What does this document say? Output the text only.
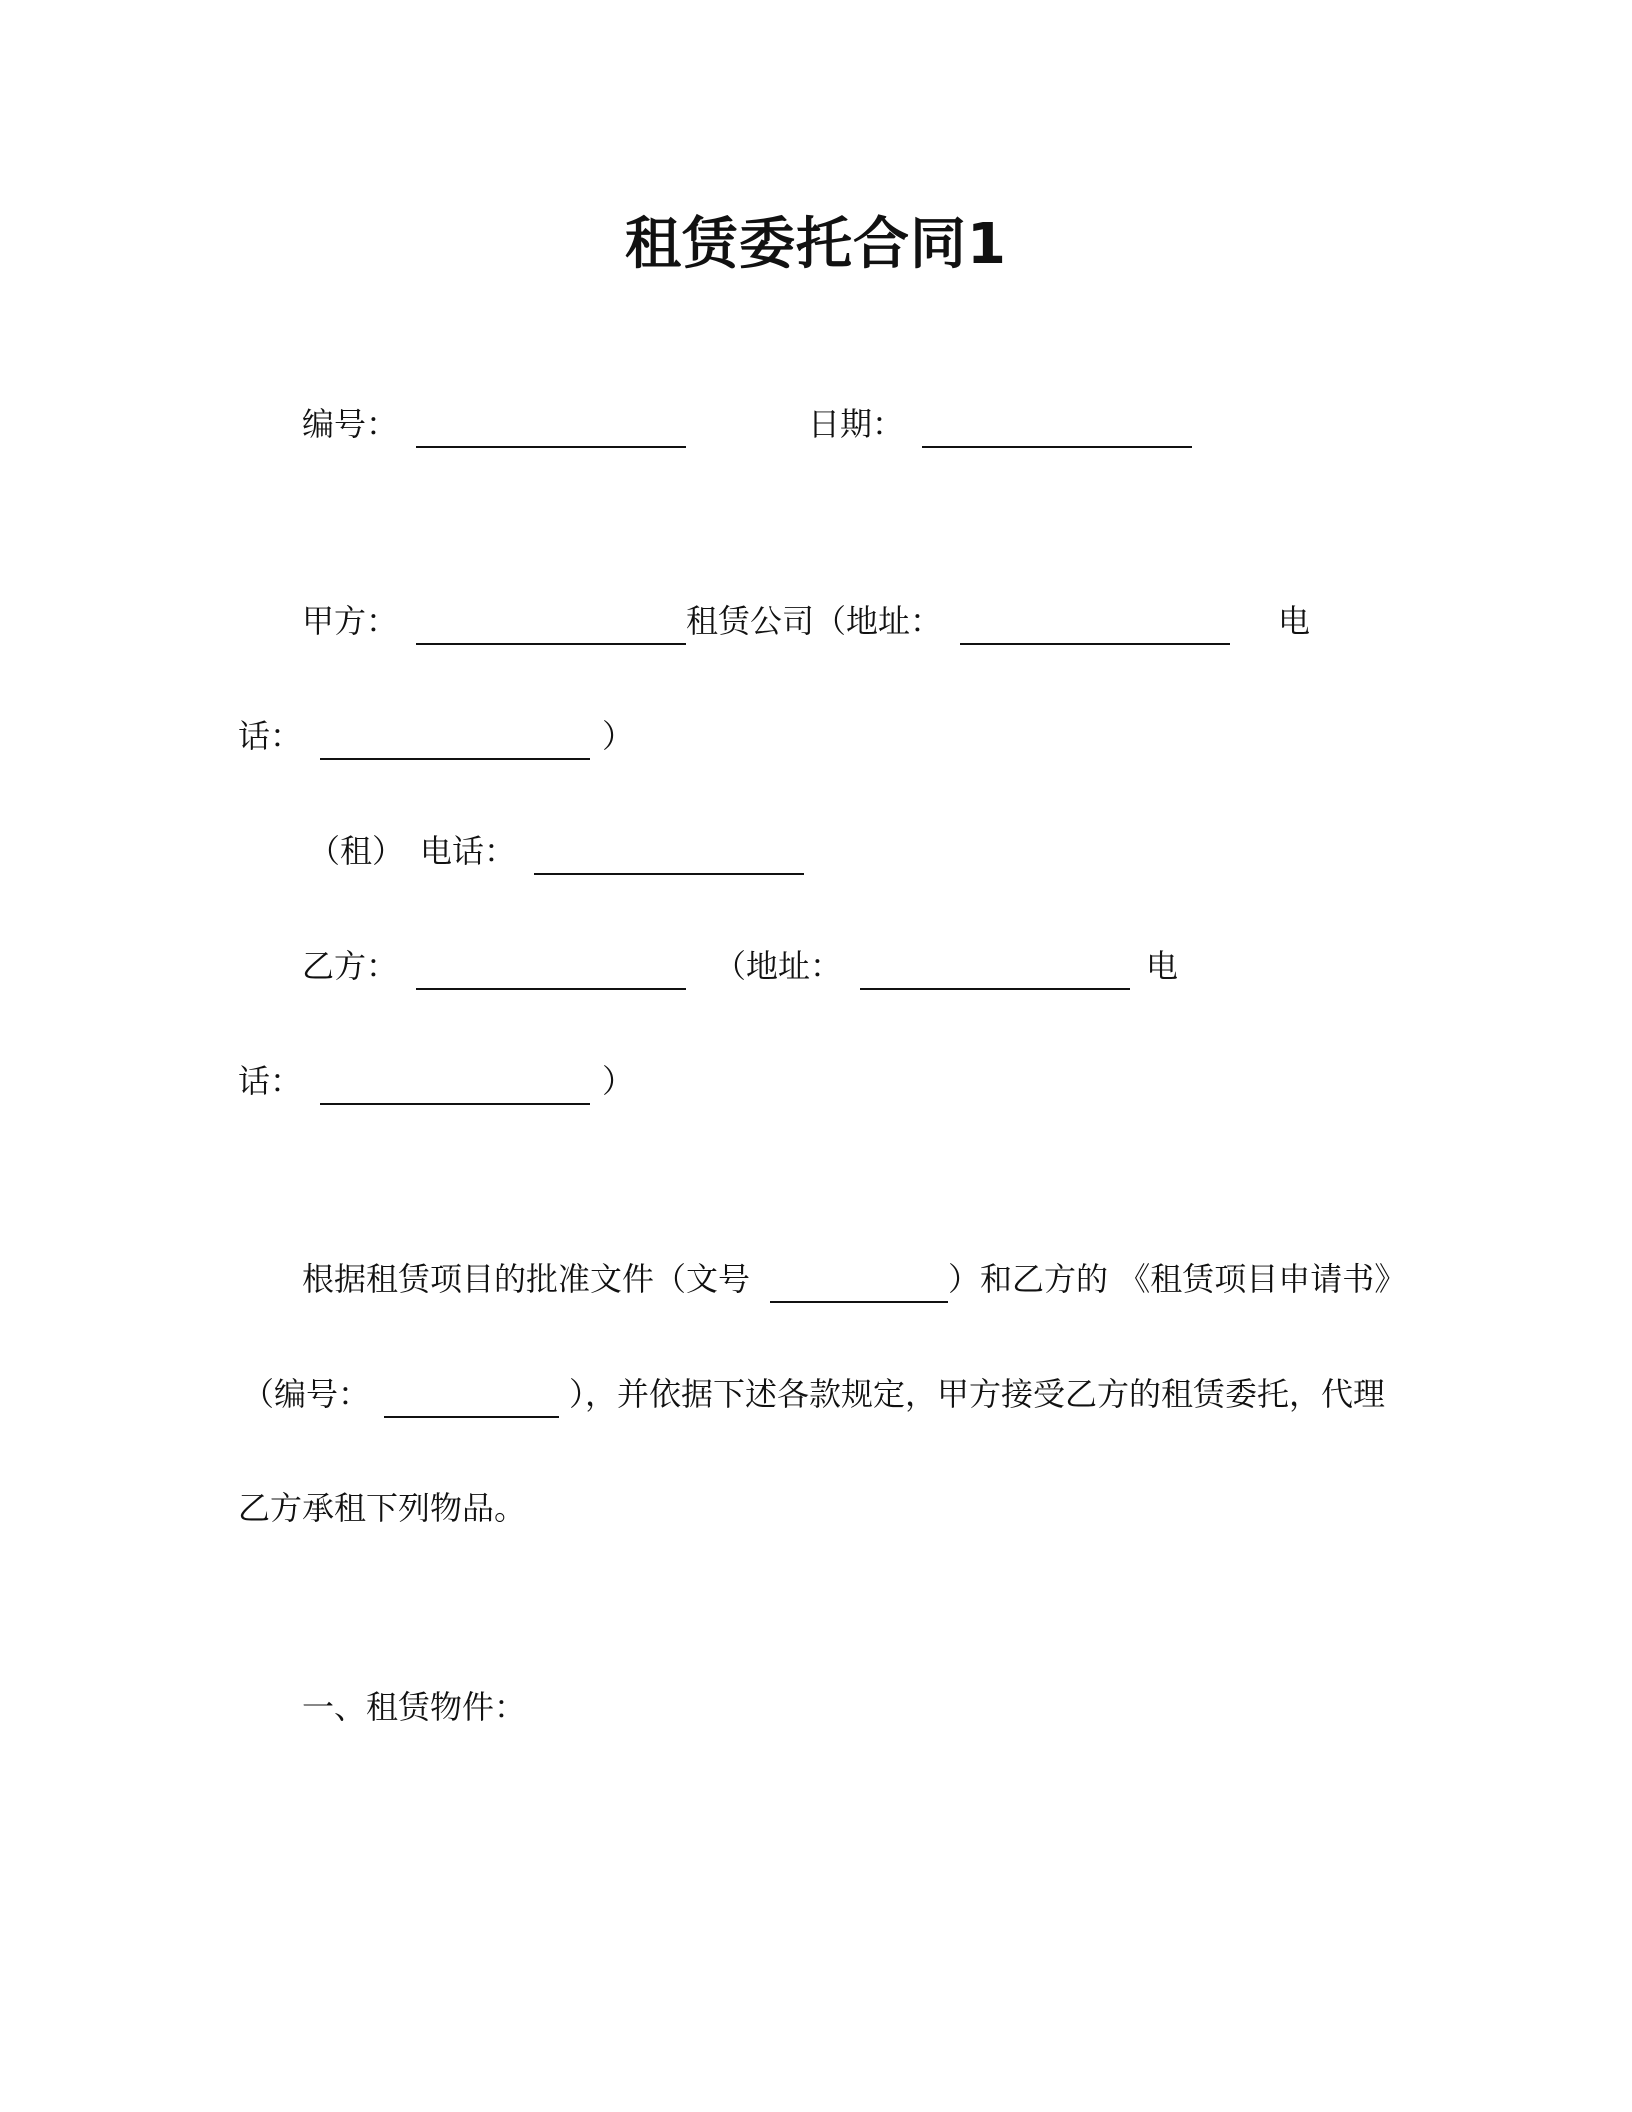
租赁委托合同1
编号：	日期：
甲方：	租赁公司（地址：	电
话：	）
（租） 电话：
乙方：	（地址：	电
话：	）
根据租赁项目的批准文件（文号	）和乙方的 《租赁项目申请书》
（编号：	），并依据下述各款规定，甲方接受乙方的租赁委托，代理
乙方承租下列物品。
一、租赁物件：
